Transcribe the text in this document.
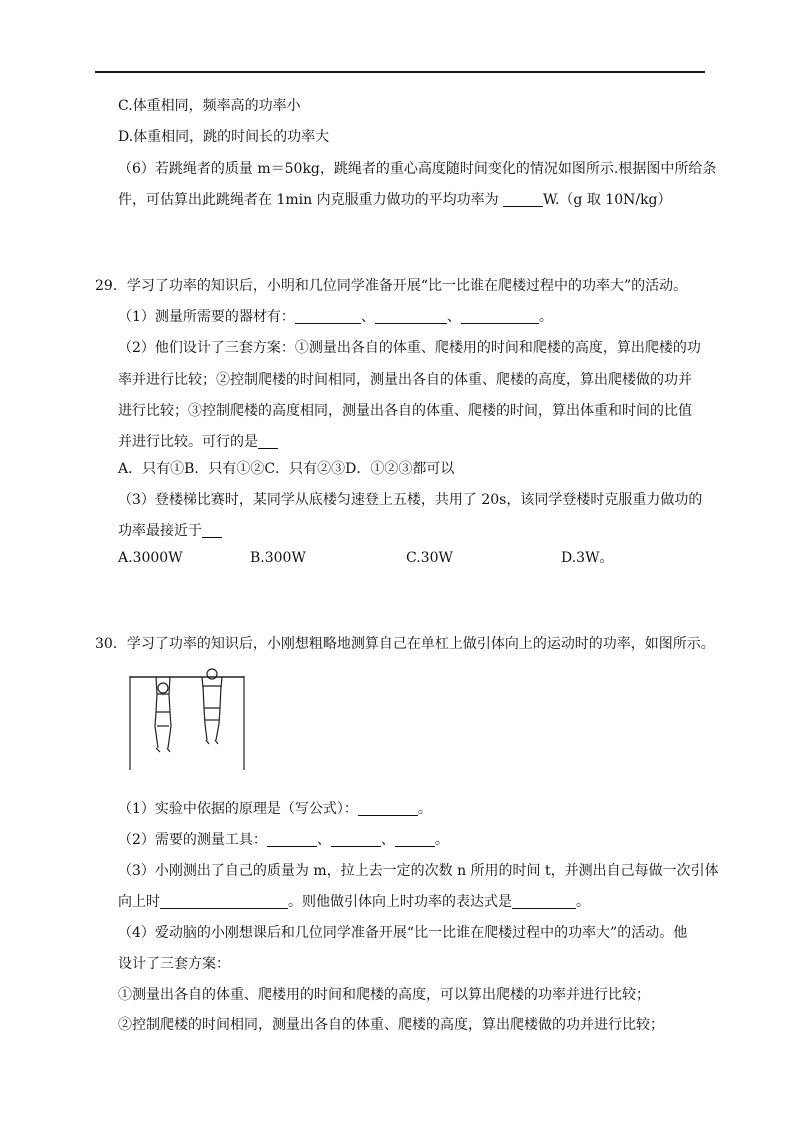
C.体重相同，频率高的功率小
D.体重相同，跳的时间长的功率大
（6）若跳绳者的质量 m＝50kg，跳绳者的重心高度随时间变化的情况如图所示.根据图中所给条
件，可估算出此跳绳者在 1min 内克服重力做功的平均功率为	W.（g 取 10N/kg）
29．学习了功率的知识后，小明和几位同学准备开展“比一比谁在爬楼过程中的功率大”的活动。
（1）测量所需要的器材有：	、	、	。
（2）他们设计了三套方案：①测量出各自的体重、爬楼用的时间和爬楼的高度，算出爬楼的功
率并进行比较；②控制爬楼的时间相同，测量出各自的体重、爬楼的高度，算出爬楼做的功并
进行比较；③控制爬楼的高度相同，测量出各自的体重、爬楼的时间，算出体重和时间的比值
并进行比较。可行的是
A．只有①B．只有①②C．只有②③D．①②③都可以
（3）登楼梯比赛时，某同学从底楼匀速登上五楼，共用了 20s，该同学登楼时克服重力做功的
功率最接近于
A.3000W	B.300W	C.30W	D.3W。
30．学习了功率的知识后，小刚想粗略地测算自己在单杠上做引体向上的运动时的功率，如图所示。
（1）实验中依据的原理是（写公式）：	。
（2）需要的测量工具：	、	、	。
（3）小刚测出了自己的质量为 m，拉上去一定的次数 n 所用的时间 t，并测出自己每做一次引体
向上时	。则他做引体向上时功率的表达式是	。
（4）爱动脑的小刚想课后和几位同学准备开展“比一比谁在爬楼过程中的功率大”的活动。他
设计了三套方案：
①测量出各自的体重、爬楼用的时间和爬楼的高度，可以算出爬楼的功率并进行比较；
②控制爬楼的时间相同，测量出各自的体重、爬楼的高度，算出爬楼做的功并进行比较；
